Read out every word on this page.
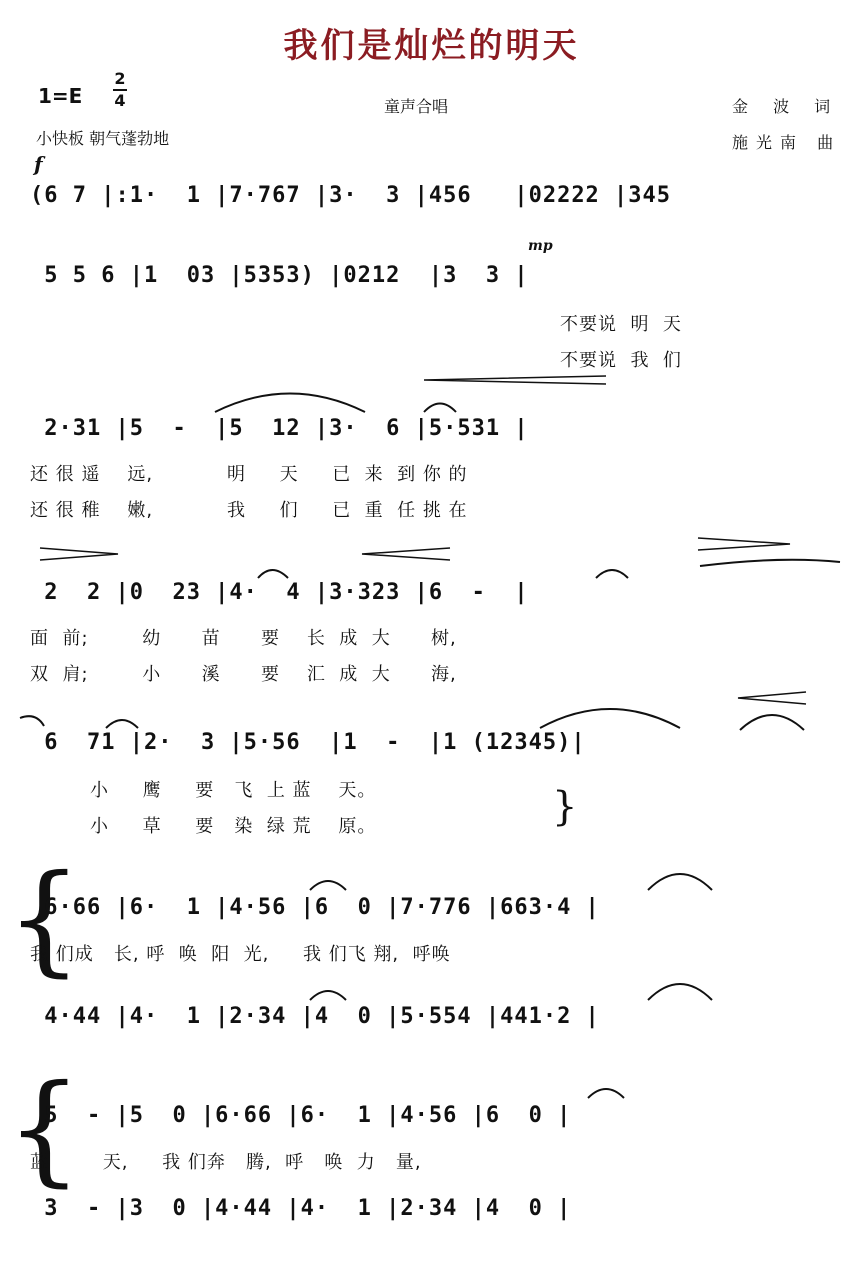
我们是灿烂的明天
1=E
2
4	童声合唱	金 波 词
施光南 曲
小快板 朝气蓬勃地
f
mp
(6 7 |:1·  1 |7·767 |3·  3 |456   |02222 |345
5 5 6 |1  03 |5353) |0212  |3  3 |
不要说  明  天
不要说  我  们
2·31 |5  -  |5  12 |3·  6 |5·531 |
还 很 遥    远,           明     天     已  来  到 你 的
还 很 稚    嫩,           我     们     已  重  任 挑 在
2  2 |0  23 |4·  4 |3·323 |6  -  |
面  前;        幼      苗      要    长  成  大      树,
双  肩;        小      溪      要    汇  成  大      海,
6  71 |2·  3 |5·56  |1  -  |1 (12345)|
小     鹰     要   飞  上 蓝    天。
小     草     要   染  绿 荒    原。	}
{
6·66 |6·  1 |4·56 |6  0 |7·776 |663·4 |
我 们成   长, 呼  唤  阳  光,     我 们飞 翔,  呼唤
4·44 |4·  1 |2·34 |4  0 |5·554 |441·2 |
{
5  - |5  0 |6·66 |6·  1 |4·56 |6  0 |
蓝        天,     我 们奔   腾,  呼   唤  力   量,
3  - |3  0 |4·44 |4·  1 |2·34 |4  0 |
